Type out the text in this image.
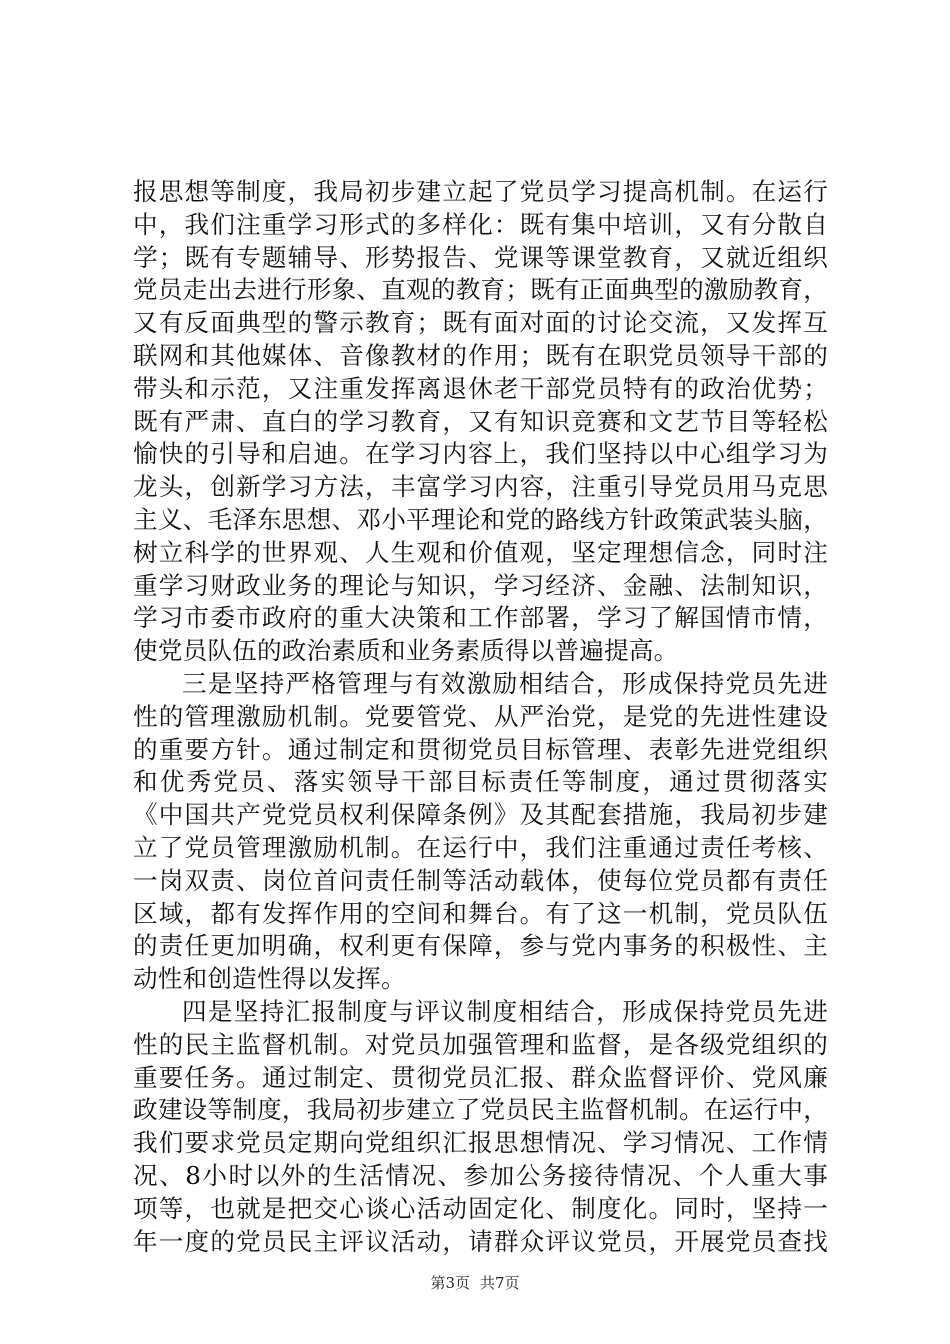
报思想等制度，我局初步建立起了党员学习提高机制。在运行
中，我们注重学习形式的多样化：既有集中培训，又有分散自
学；既有专题辅导、形势报告、党课等课堂教育，又就近组织
党员走出去进行形象、直观的教育；既有正面典型的激励教育，
又有反面典型的警示教育；既有面对面的讨论交流，又发挥互
联网和其他媒体、音像教材的作用；既有在职党员领导干部的
带头和示范，又注重发挥离退休老干部党员特有的政治优势；
既有严肃、直白的学习教育，又有知识竞赛和文艺节目等轻松
愉快的引导和启迪。在学习内容上，我们坚持以中心组学习为
龙头，创新学习方法，丰富学习内容，注重引导党员用马克思
主义、毛泽东思想、邓小平理论和党的路线方针政策武装头脑，
树立科学的世界观、人生观和价值观，坚定理想信念，同时注
重学习财政业务的理论与知识，学习经济、金融、法制知识，
学习市委市政府的重大决策和工作部署，学习了解国情市情，
使党员队伍的政治素质和业务素质得以普遍提高。
三是坚持严格管理与有效激励相结合，形成保持党员先进
性的管理激励机制。党要管党、从严治党，是党的先进性建设
的重要方针。通过制定和贯彻党员目标管理、表彰先进党组织
和优秀党员、落实领导干部目标责任等制度，通过贯彻落实
《中国共产党党员权利保障条例》及其配套措施，我局初步建
立了党员管理激励机制。在运行中，我们注重通过责任考核、
一岗双责、岗位首问责任制等活动载体，使每位党员都有责任
区域，都有发挥作用的空间和舞台。有了这一机制，党员队伍
的责任更加明确，权利更有保障，参与党内事务的积极性、主
动性和创造性得以发挥。
四是坚持汇报制度与评议制度相结合，形成保持党员先进
性的民主监督机制。对党员加强管理和监督，是各级党组织的
重要任务。通过制定、贯彻党员汇报、群众监督评价、党风廉
政建设等制度，我局初步建立了党员民主监督机制。在运行中，
我们要求党员定期向党组织汇报思想情况、学习情况、工作情
况、8小时以外的生活情况、参加公务接待情况、个人重大事
项等，也就是把交心谈心活动固定化、制度化。同时，坚持一
年一度的党员民主评议活动，请群众评议党员，开展党员查找
第3页 共7页
